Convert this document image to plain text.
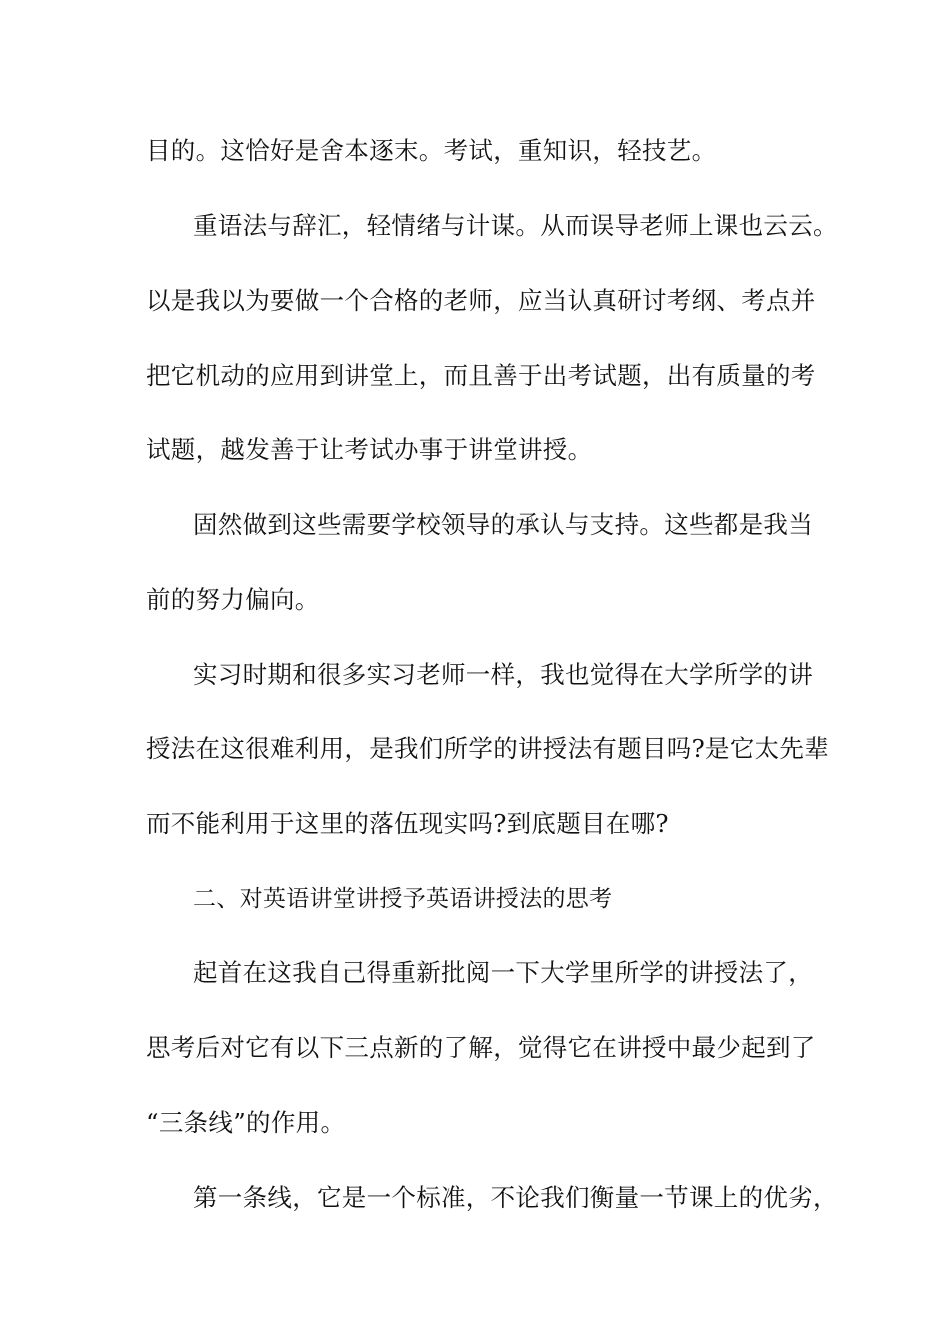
目的。这恰好是舍本逐末。考试，重知识，轻技艺。
重语法与辞汇，轻情绪与计谋。从而误导老师上课也云云。
以是我以为要做一个合格的老师，应当认真研讨考纲、考点并
把它机动的应用到讲堂上，而且善于出考试题，出有质量的考
试题，越发善于让考试办事于讲堂讲授。
固然做到这些需要学校领导的承认与支持。这些都是我当
前的努力偏向。
实习时期和很多实习老师一样，我也觉得在大学所学的讲
授法在这很难利用，是我们所学的讲授法有题目吗?是它太先辈
而不能利用于这里的落伍现实吗?到底题目在哪?
二、对英语讲堂讲授予英语讲授法的思考
起首在这我自己得重新批阅一下大学里所学的讲授法了，
思考后对它有以下三点新的了解，觉得它在讲授中最少起到了
“三条线”的作用。
第一条线，它是一个标准，不论我们衡量一节课上的优劣，
